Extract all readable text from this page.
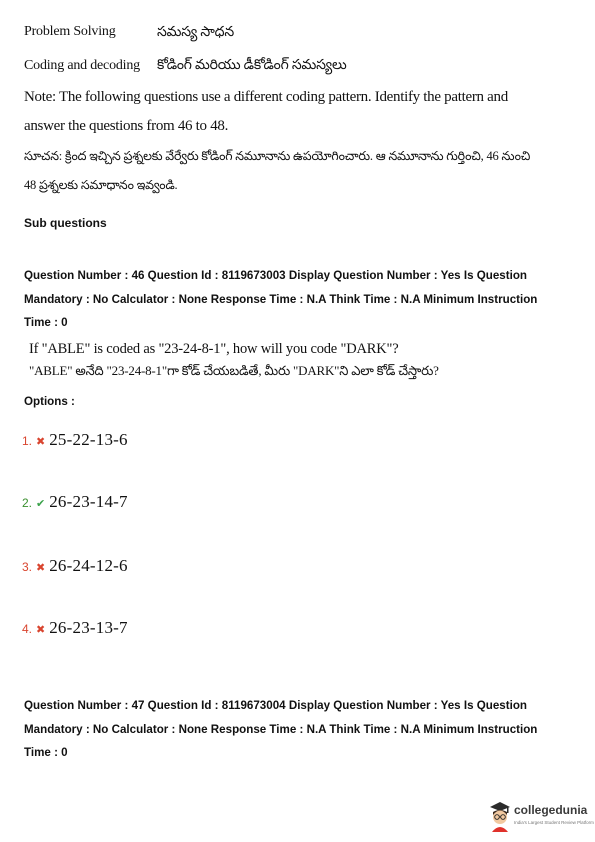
Problem Solving	సమస్య సాధన
Coding and decoding కోడింగ్ మరియు డీకోడింగ్ సమస్యలు
Note: The following questions use a different coding pattern. Identify the pattern and
answer the questions from 46 to 48.
సూచన: క్రింద ఇచ్చిన ప్రశ్నలకు వేర్వేరు కోడింగ్ నమూనాను ఉపయోగించారు. ఆ నమూనాను గుర్తించి, 46 నుంచి
48 ప్రశ్నలకు సమాధానం ఇవ్వండి.
Sub questions
Question Number : 46 Question Id : 8119673003 Display Question Number : Yes Is Question
Mandatory : No Calculator : None Response Time : N.A Think Time : N.A Minimum Instruction
Time : 0
If "ABLE" is coded as "23-24-8-1", how will you code "DARK"?
"ABLE" అనేది "23-24-8-1"గా కోడ్ చేయబడితే, మీరు "DARK"ని ఎలా కోడ్ చేస్తారు?
Options :
1. ✖ 25-22-13-6
2. ✔ 26-23-14-7
3. ✖ 26-24-12-6
4. ✖ 26-23-13-7
Question Number : 47 Question Id : 8119673004 Display Question Number : Yes Is Question
Mandatory : No Calculator : None Response Time : N.A Think Time : N.A Minimum Instruction
Time : 0
collegedunia
India's Largest Student Review Platform
